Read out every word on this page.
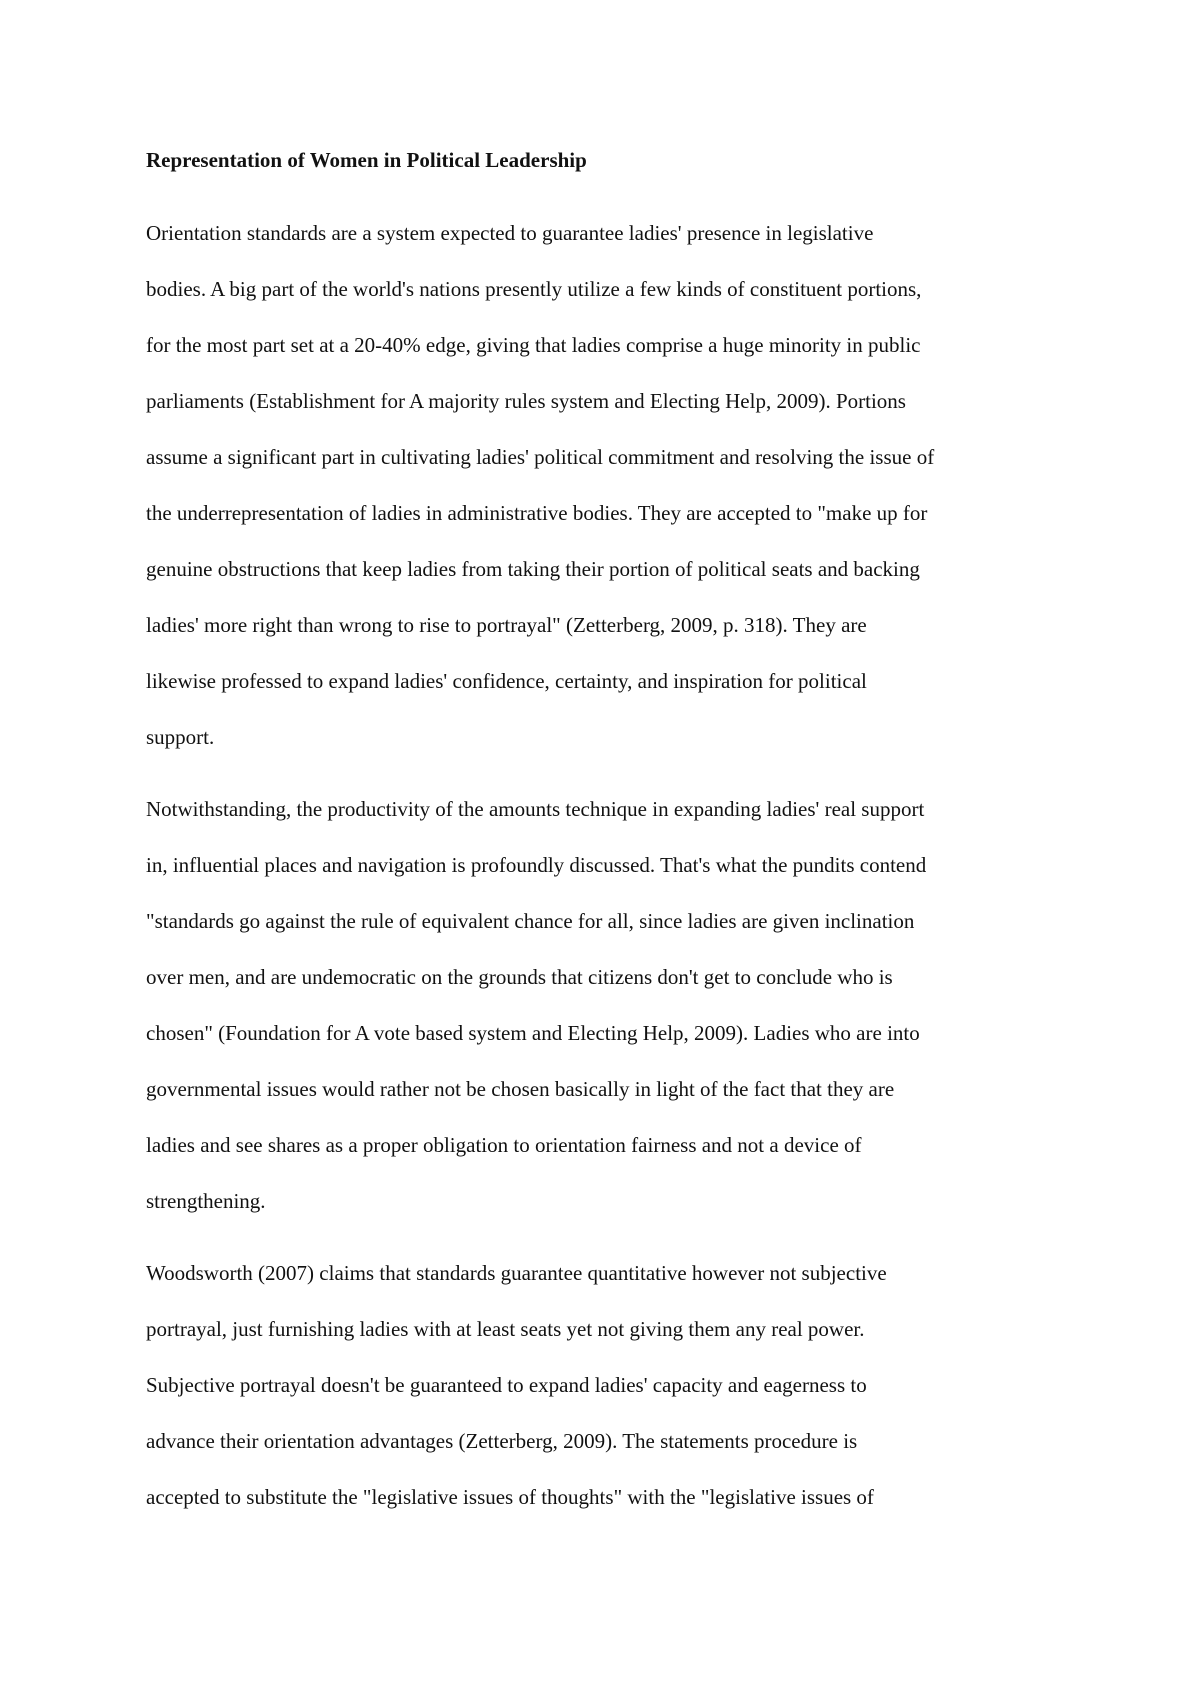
Representation of Women in Political Leadership
Orientation standards are a system expected to guarantee ladies' presence in legislative
bodies. A big part of the world's nations presently utilize a few kinds of constituent portions,
for the most part set at a 20-40% edge, giving that ladies comprise a huge minority in public
parliaments (Establishment for A majority rules system and Electing Help, 2009). Portions
assume a significant part in cultivating ladies' political commitment and resolving the issue of
the underrepresentation of ladies in administrative bodies. They are accepted to "make up for
genuine obstructions that keep ladies from taking their portion of political seats and backing
ladies' more right than wrong to rise to portrayal" (Zetterberg, 2009, p. 318). They are
likewise professed to expand ladies' confidence, certainty, and inspiration for political
support.
Notwithstanding, the productivity of the amounts technique in expanding ladies' real support
in, influential places and navigation is profoundly discussed. That's what the pundits contend
"standards go against the rule of equivalent chance for all, since ladies are given inclination
over men, and are undemocratic on the grounds that citizens don't get to conclude who is
chosen" (Foundation for A vote based system and Electing Help, 2009). Ladies who are into
governmental issues would rather not be chosen basically in light of the fact that they are
ladies and see shares as a proper obligation to orientation fairness and not a device of
strengthening.
Woodsworth (2007) claims that standards guarantee quantitative however not subjective
portrayal, just furnishing ladies with at least seats yet not giving them any real power.
Subjective portrayal doesn't be guaranteed to expand ladies' capacity and eagerness to
advance their orientation advantages (Zetterberg, 2009). The statements procedure is
accepted to substitute the "legislative issues of thoughts" with the "legislative issues of
